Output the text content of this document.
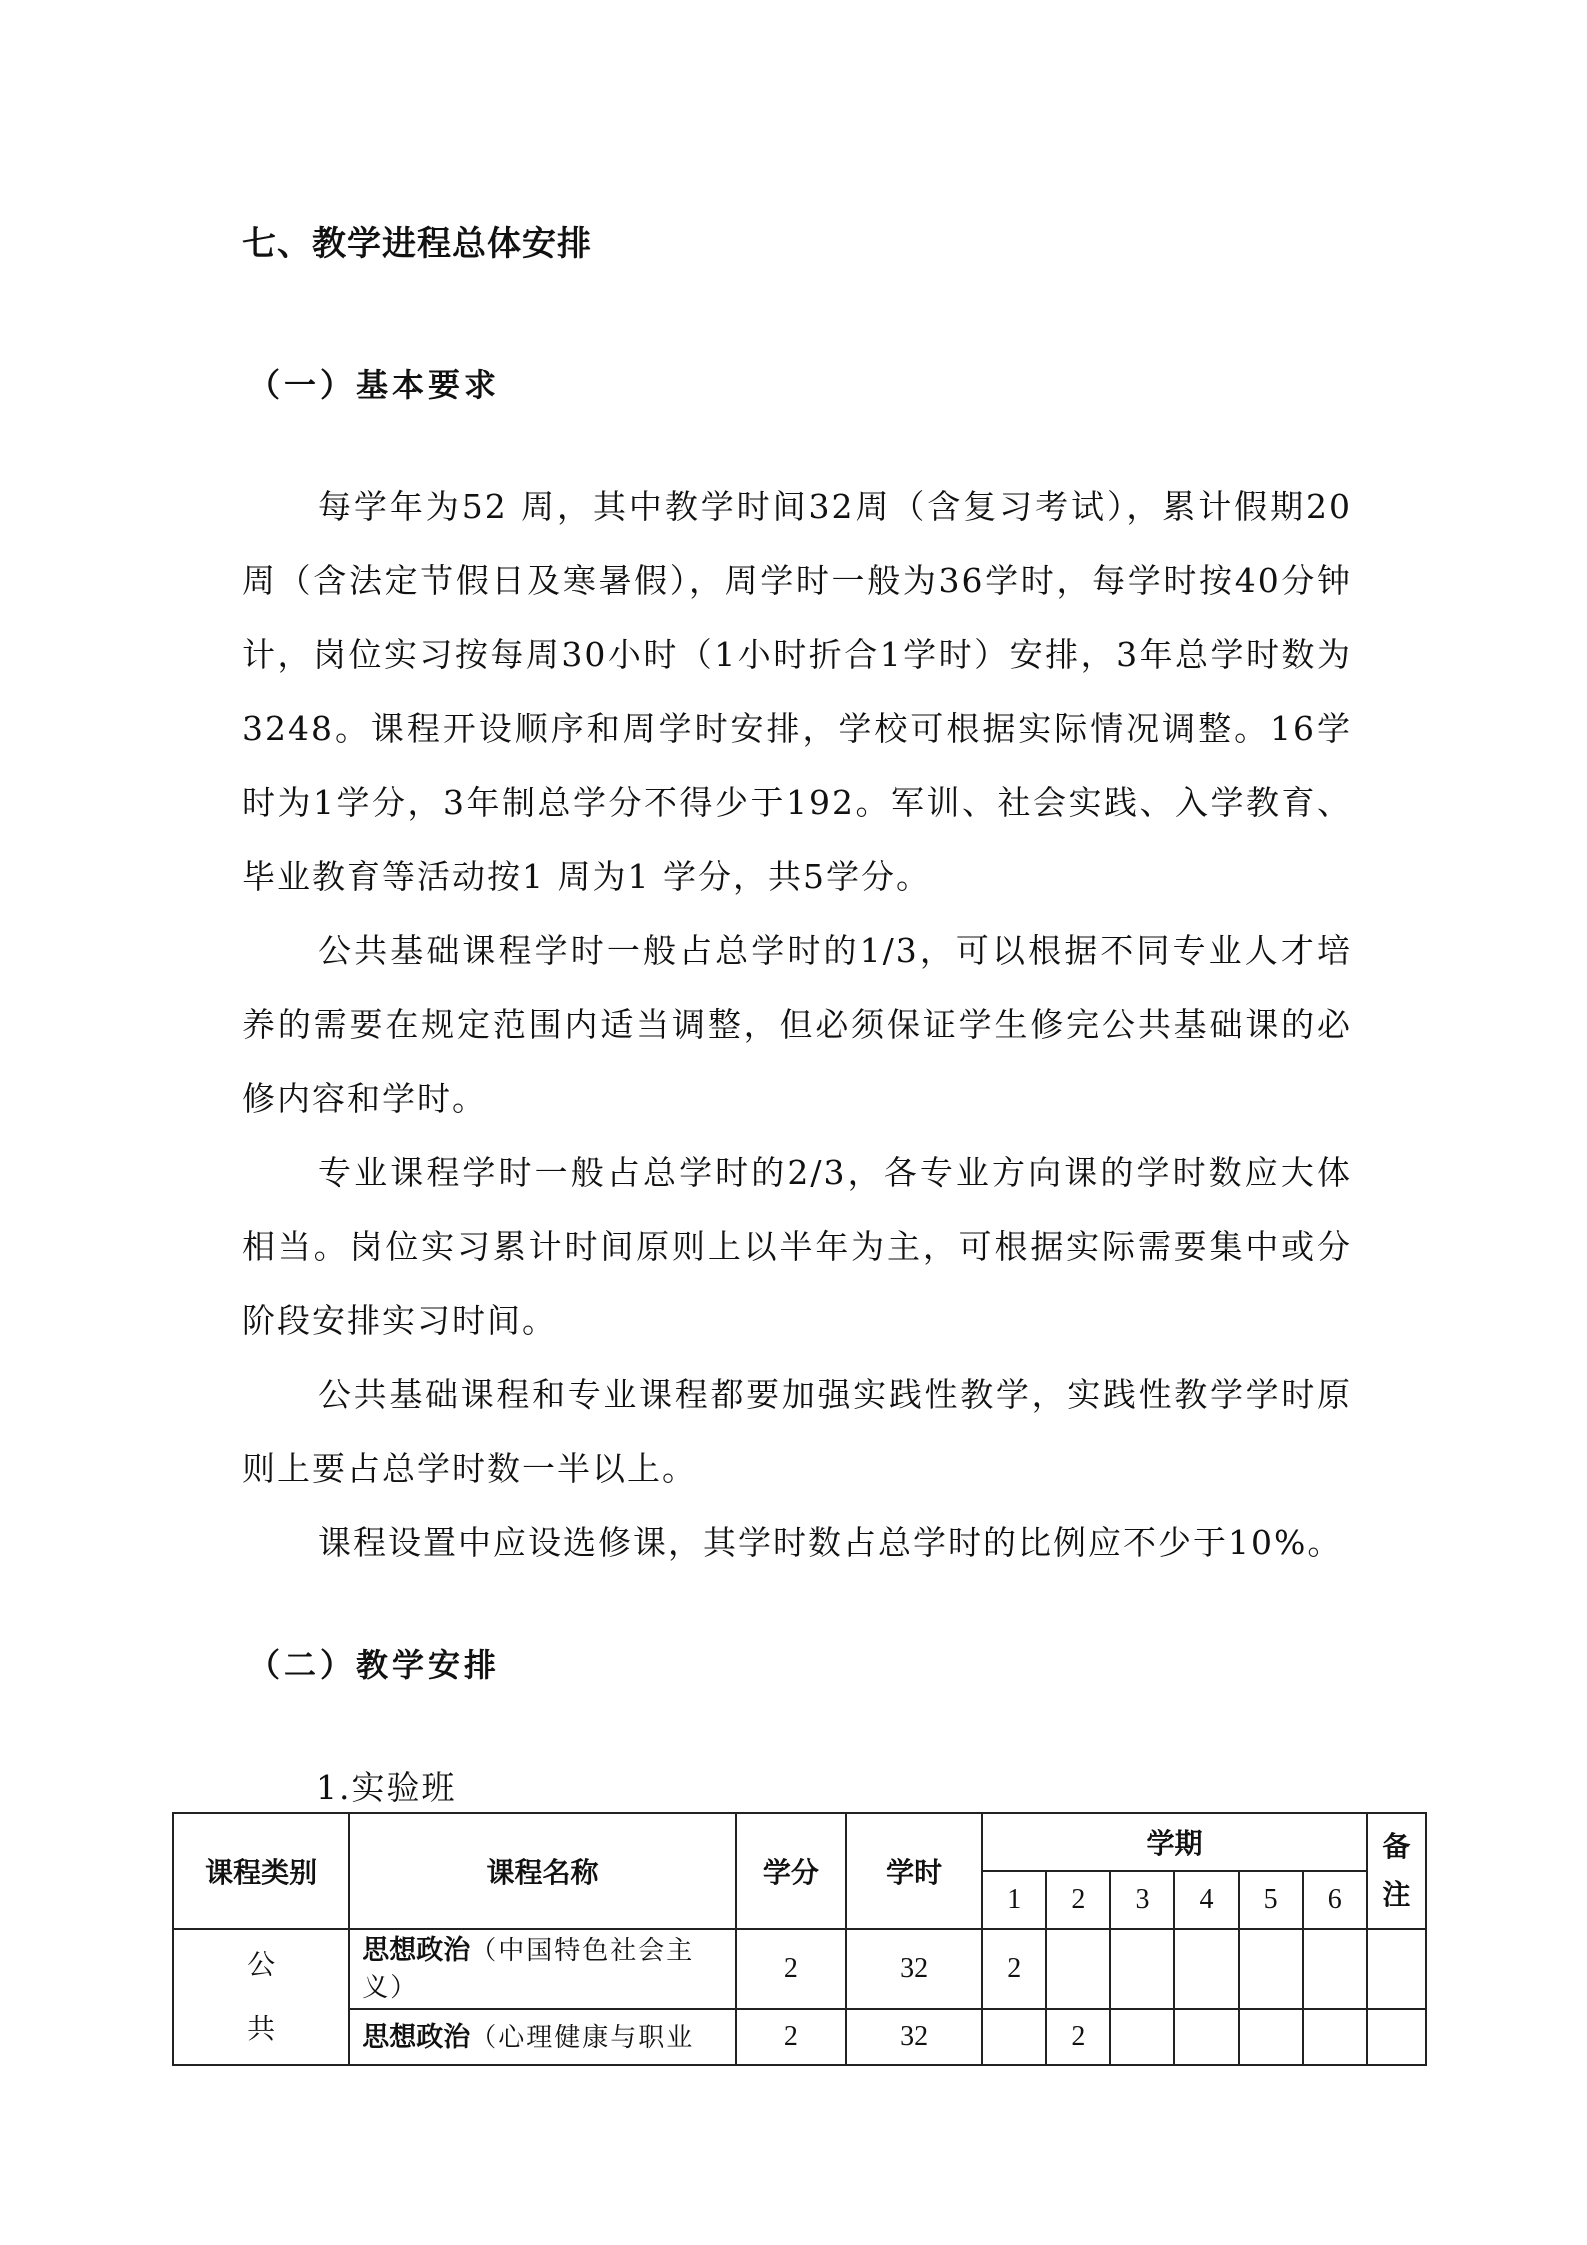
七、教学进程总体安排
（一）基本要求

每学年为52 周，其中教学时间32周（含复习考试），累计假期20周（含法定节假日及寒暑假），周学时一般为36学时，每学时按40分钟计，岗位实习按每周30小时（1小时折合1学时）安排，3年总学时数为3248。课程开设顺序和周学时安排，学校可根据实际情况调整。16学时为1学分，3年制总学分不得少于192。军训、社会实践、入学教育、毕业教育等活动按1 周为1 学分，共5学分。

公共基础课程学时一般占总学时的1/3，可以根据不同专业人才培养的需要在规定范围内适当调整，但必须保证学生修完公共基础课的必修内容和学时。

专业课程学时一般占总学时的2/3，各专业方向课的学时数应大体相当。岗位实习累计时间原则上以半年为主，可根据实际需要集中或分阶段安排实习时间。

公共基础课程和专业课程都要加强实践性教学，实践性教学学时原则上要占总学时数一半以上。

课程设置中应设选修课，其学时数占总学时的比例应不少于10%。

（二）教学安排
1.实验班
课程类别	课程名称	学分	学时	学期						备注
				1	2	3	4	5	6	
公共	思想政治（中国特色社会主义）	2	32	2						
	思想政治（心理健康与职业	2	32		2					
